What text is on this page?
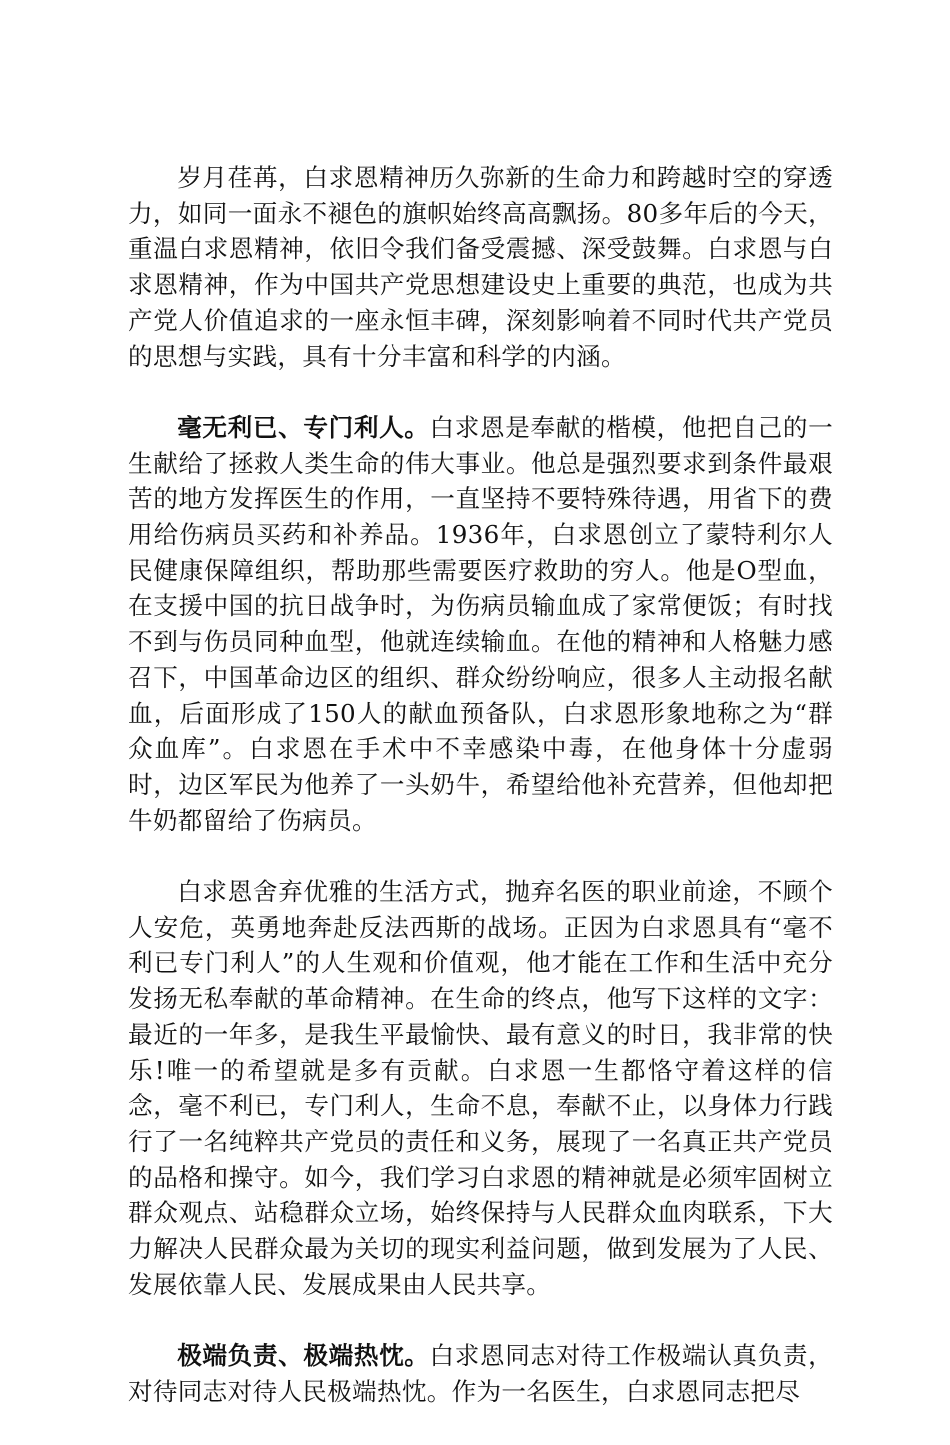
岁月荏苒，白求恩精神历久弥新的生命力和跨越时空的穿透力，如同一面永不褪色的旗帜始终高高飘扬。80多年后的今天，重温白求恩精神，依旧令我们备受震撼、深受鼓舞。白求恩与白求恩精神，作为中国共产党思想建设史上重要的典范，也成为共产党人价值追求的一座永恒丰碑，深刻影响着不同时代共产党员的思想与实践，具有十分丰富和科学的内涵。

毫无利已、专门利人。白求恩是奉献的楷模，他把自己的一生献给了拯救人类生命的伟大事业。他总是强烈要求到条件最艰苦的地方发挥医生的作用，一直坚持不要特殊待遇，用省下的费用给伤病员买药和补养品。1936年，白求恩创立了蒙特利尔人民健康保障组织，帮助那些需要医疗救助的穷人。他是O型血，在支援中国的抗日战争时，为伤病员输血成了家常便饭；有时找不到与伤员同种血型，他就连续输血。在他的精神和人格魅力感召下，中国革命边区的组织、群众纷纷响应，很多人主动报名献血，后面形成了150人的献血预备队，白求恩形象地称之为“群众血库”。白求恩在手术中不幸感染中毒，在他身体十分虚弱时，边区军民为他养了一头奶牛，希望给他补充营养，但他却把牛奶都留给了伤病员。

白求恩舍弃优雅的生活方式，抛弃名医的职业前途，不顾个人安危，英勇地奔赴反法西斯的战场。正因为白求恩具有“毫不利已专门利人”的人生观和价值观，他才能在工作和生活中充分发扬无私奉献的革命精神。在生命的终点，他写下这样的文字：最近的一年多，是我生平最愉快、最有意义的时日，我非常的快乐!唯一的希望就是多有贡献。白求恩一生都恪守着这样的信念，毫不利已，专门利人，生命不息，奉献不止，以身体力行践行了一名纯粹共产党员的责任和义务，展现了一名真正共产党员的品格和操守。如今，我们学习白求恩的精神就是必须牢固树立群众观点、站稳群众立场，始终保持与人民群众血肉联系，下大力解决人民群众最为关切的现实利益问题，做到发展为了人民、发展依靠人民、发展成果由人民共享。

极端负责、极端热忱。白求恩同志对待工作极端认真负责，对待同志对待人民极端热忱。作为一名医生，白求恩同志把尽
